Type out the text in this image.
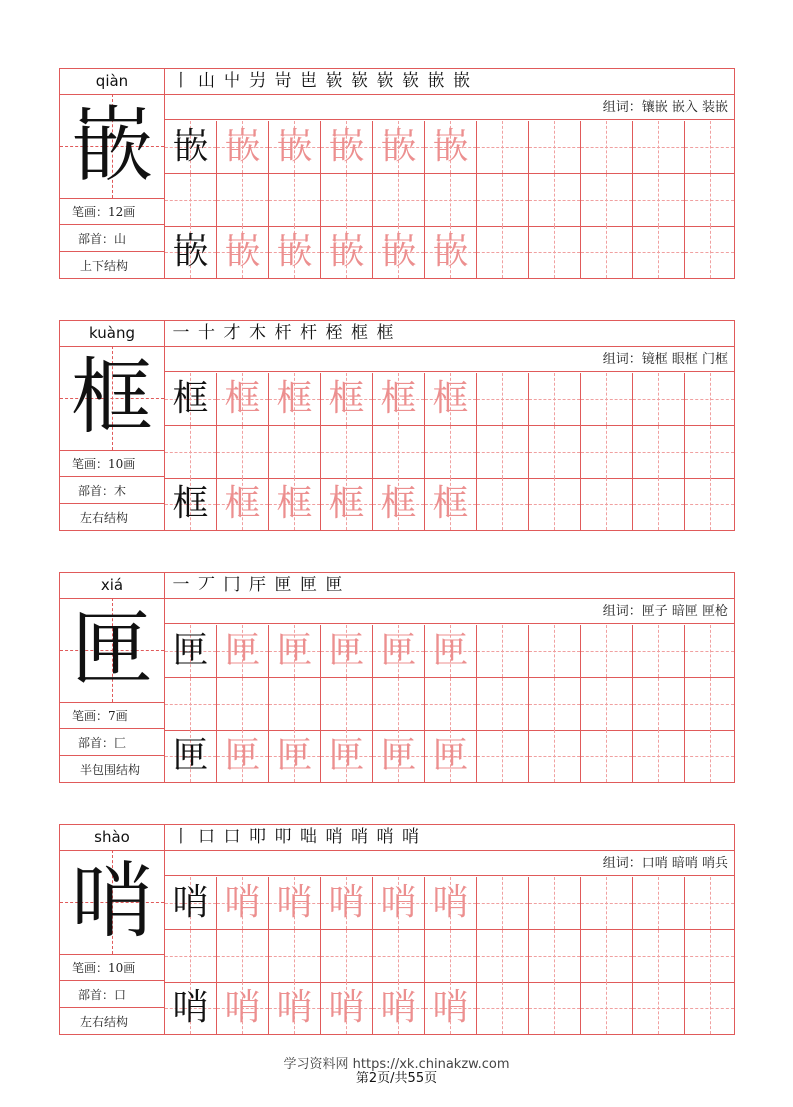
qiàn
嵌
笔画：12画
部首：山
上下结构
丨 山 屮 屶 岢 岜 嵚 嵚 嵚 嵚 嵌 嵌
组词：镶嵌 嵌入 装嵌
嵌 嵌 嵌 嵌 嵌 嵌
嵌 嵌 嵌 嵌 嵌 嵌
kuàng
框
笔画：10画
部首：木
左右结构
一 十 才 木 杆 杆 桎 框 框
组词：镜框 眼框 门框
框 框 框 框 框 框
框 框 框 框 框 框
xiá
匣
笔画：7画
部首：匚
半包围结构
一 丆 冂 厈 匣 匣 匣
组词：匣子 暗匣 匣枪
匣 匣 匣 匣 匣 匣
匣 匣 匣 匣 匣 匣
shào
哨
笔画：10画
部首：口
左右结构
丨 口 口 叩 叩 咄 哨 哨 哨 哨
组词：口哨 暗哨 哨兵
哨 哨 哨 哨 哨 哨
哨 哨 哨 哨 哨 哨
学习资料网 https://xk.chinakzw.com
第2页/共55页
